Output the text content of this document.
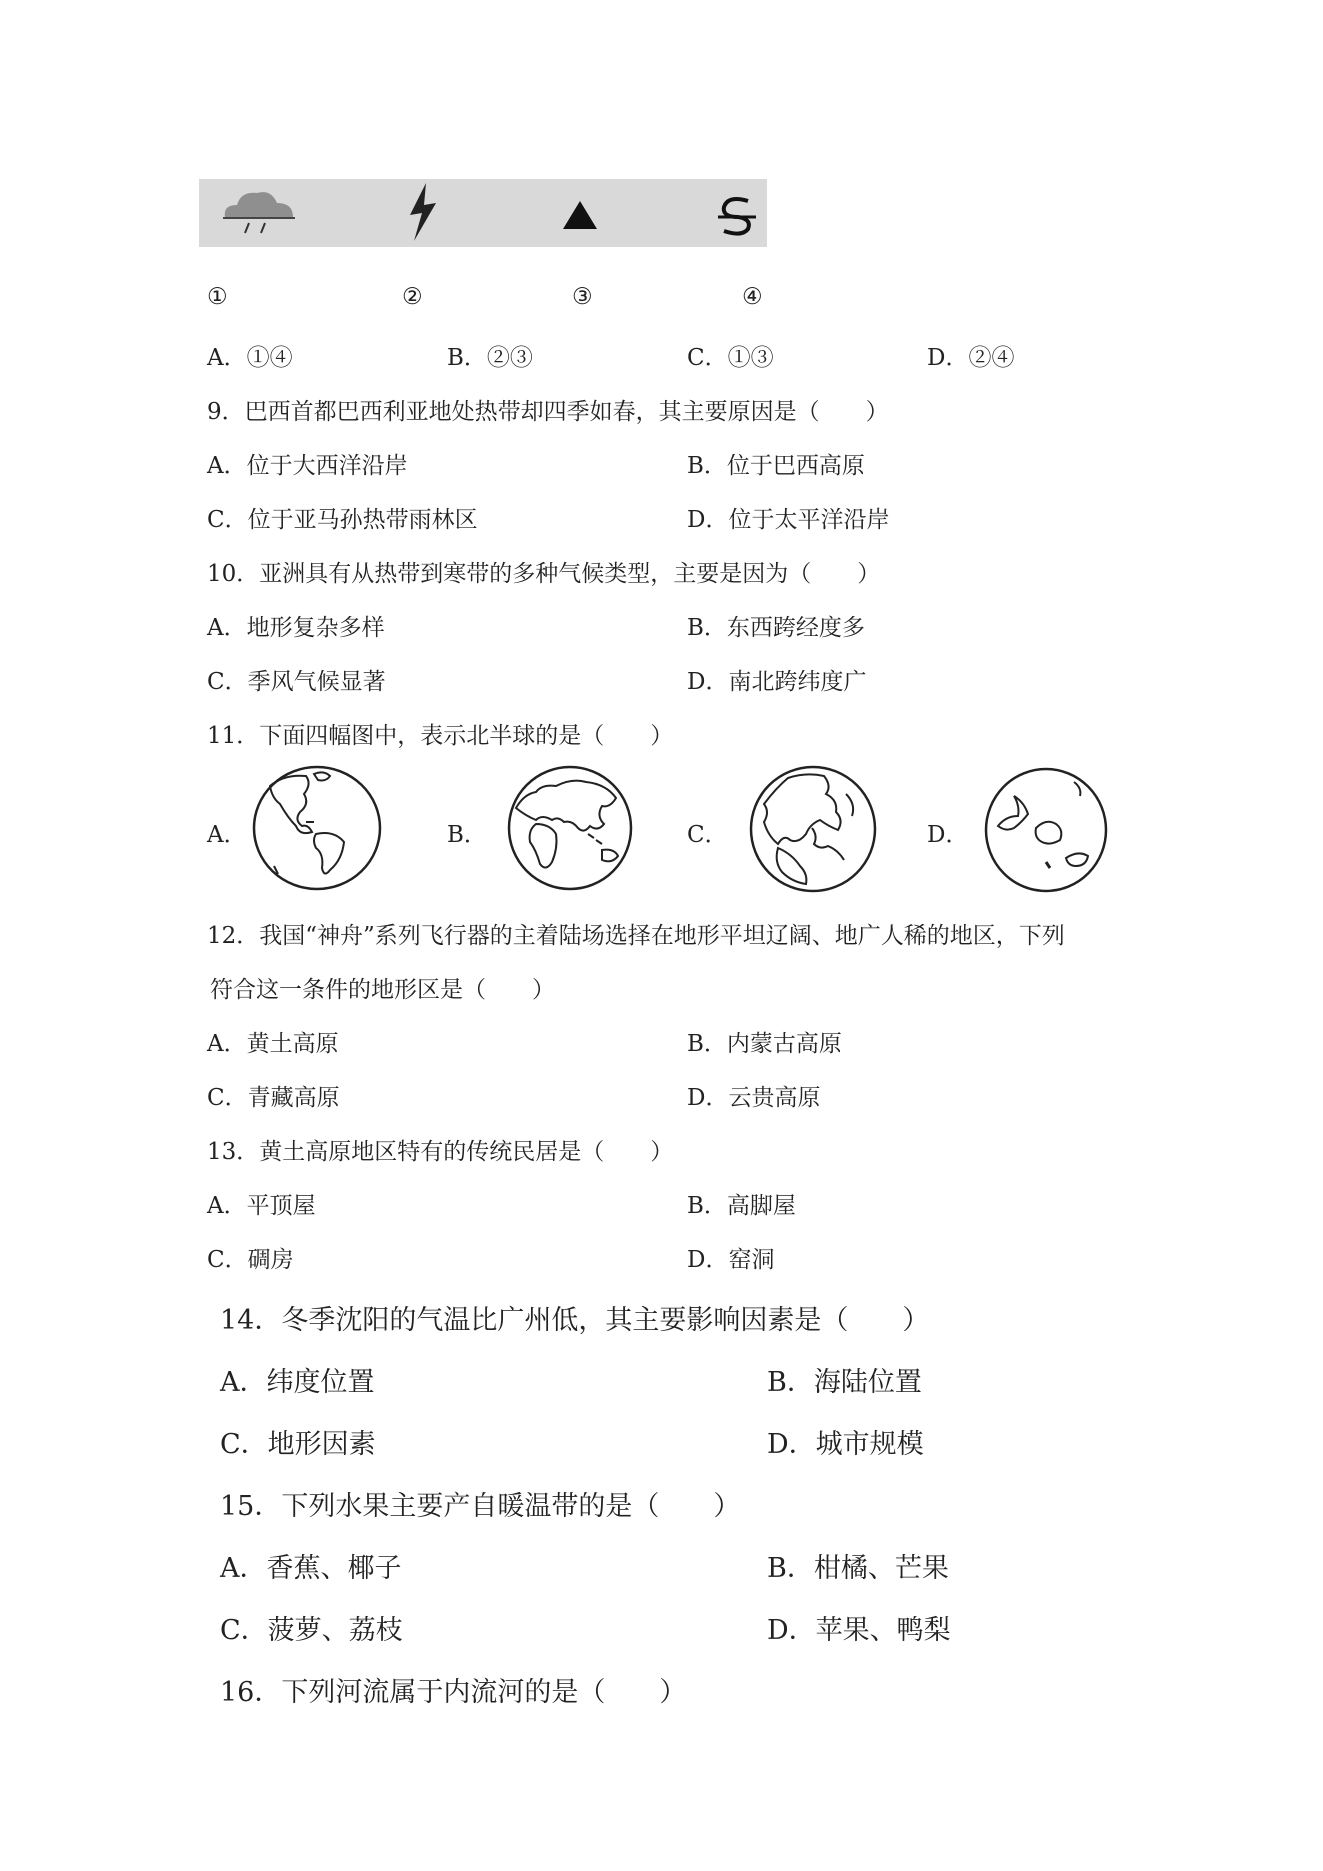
①	②	③	④
A．①④	B．②③	C．①③	D．②④
9．巴西首都巴西利亚地处热带却四季如春，其主要原因是（　　）
A．位于大西洋沿岸	B．位于巴西高原
C．位于亚马孙热带雨林区	D．位于太平洋沿岸
10．亚洲具有从热带到寒带的多种气候类型，主要是因为（　　）
A．地形复杂多样	B．东西跨经度多
C．季风气候显著	D．南北跨纬度广
11．下面四幅图中，表示北半球的是（　　）
A．	B．	C．	D．
12．我国“神舟”系列飞行器的主着陆场选择在地形平坦辽阔、地广人稀的地区，下列
符合这一条件的地形区是（　　）
A．黄土高原	B．内蒙古高原
C．青藏高原	D．云贵高原
13．黄土高原地区特有的传统民居是（　　）
A．平顶屋	B．高脚屋
C．碉房	D．窑洞
14．冬季沈阳的气温比广州低，其主要影响因素是（　　）
A．纬度位置	B．海陆位置
C．地形因素	D．城市规模
15．下列水果主要产自暖温带的是（　　）
A．香蕉、椰子	B．柑橘、芒果
C．菠萝、荔枝	D．苹果、鸭梨
16．下列河流属于内流河的是（　　）
